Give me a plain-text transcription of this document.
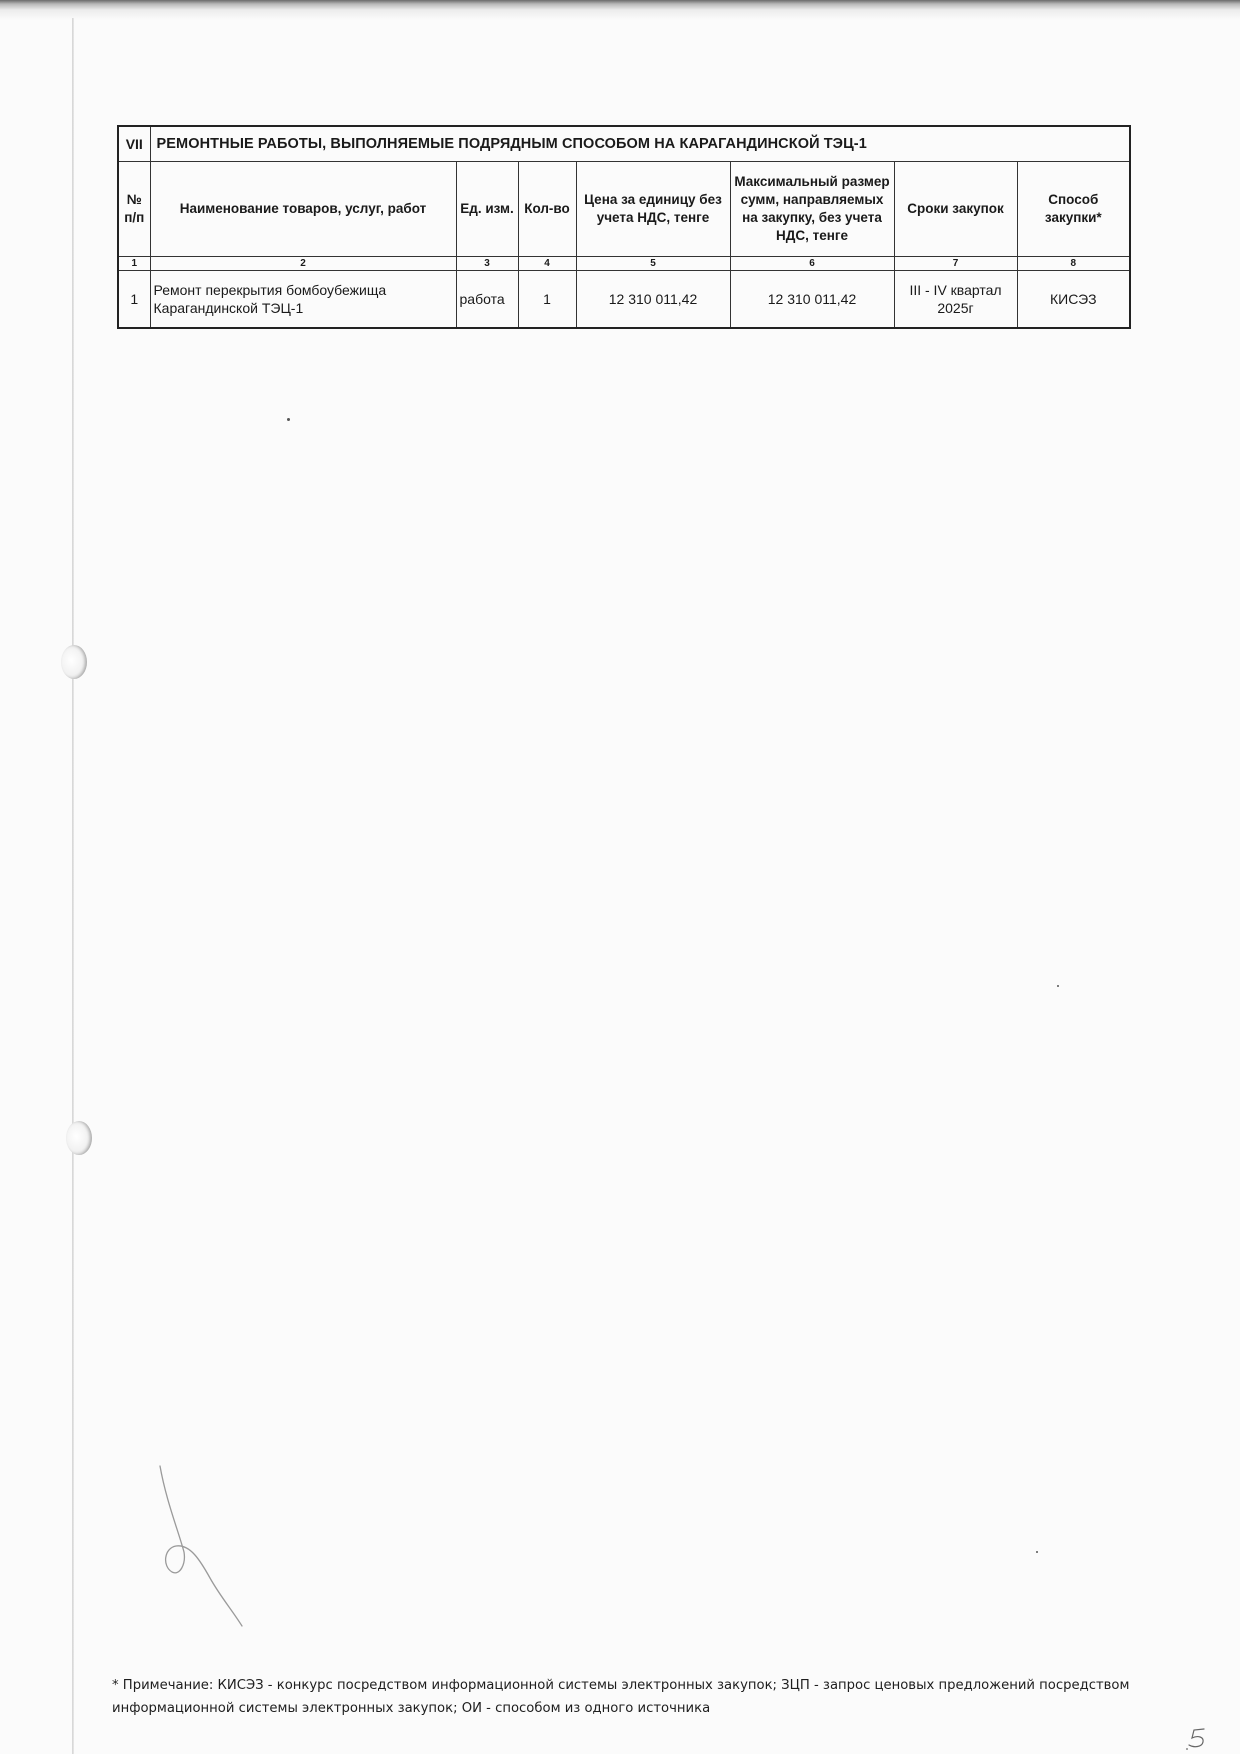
VII	РЕМОНТНЫЕ РАБОТЫ, ВЫПОЛНЯЕМЫЕ ПОДРЯДНЫМ СПОСОБОМ НА КАРАГАНДИНСКОЙ ТЭЦ-1						
№ п/п	Наименование товаров, услуг, работ	Ед. изм.	Кол-во	Цена за единицу без учета НДС, тенге	Максимальный размер сумм, направляемых на закупку, без учета НДС, тенге	Сроки закупок	Способ закупки*
1	2	3	4	5	6	7	8
1	Ремонт перекрытия бомбоубежища Карагандинской ТЭЦ-1	работа	1	12 310 011,42	12 310 011,42	III - IV квартал 2025г	КИСЭЗ
* Примечание: КИСЭЗ - конкурс посредством информационной системы электронных закупок; ЗЦП - запрос ценовых предложений посредством информационной системы электронных закупок; ОИ - способом из одного источника
